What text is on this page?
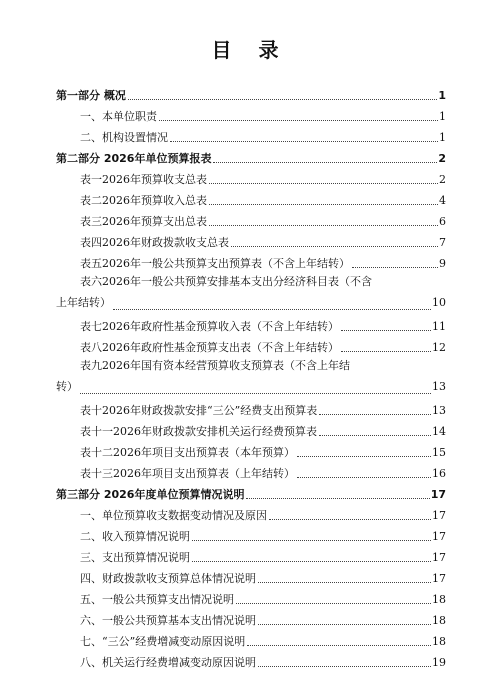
目 录
第一部分 概况	1
一、本单位职责	1
二、机构设置情况	1
第二部分 2026年单位预算报表	2
表一2026年预算收支总表	2
表二2026年预算收入总表	4
表三2026年预算支出总表	6
表四2026年财政拨款收支总表	7
表五2026年一般公共预算支出预算表（不含上年结转）	9
表六2026年一般公共预算安排基本支出分经济科目表（不含
上年结转）	10
表七2026年政府性基金预算收入表（不含上年结转）	11
表八2026年政府性基金预算支出表（不含上年结转）	12
表九2026年国有资本经营预算收支预算表（不含上年结
转）	13
表十2026年财政拨款安排“三公”经费支出预算表	13
表十一2026年财政拨款安排机关运行经费预算表	14
表十二2026年项目支出预算表（本年预算）	15
表十三2026年项目支出预算表（上年结转）	16
第三部分 2026年度单位预算情况说明	17
一、单位预算收支数据变动情况及原因	17
二、收入预算情况说明	17
三、支出预算情况说明	17
四、财政拨款收支预算总体情况说明	17
五、一般公共预算支出情况说明	18
六、一般公共预算基本支出情况说明	18
七、“三公”经费增减变动原因说明	18
八、机关运行经费增减变动原因说明	19
